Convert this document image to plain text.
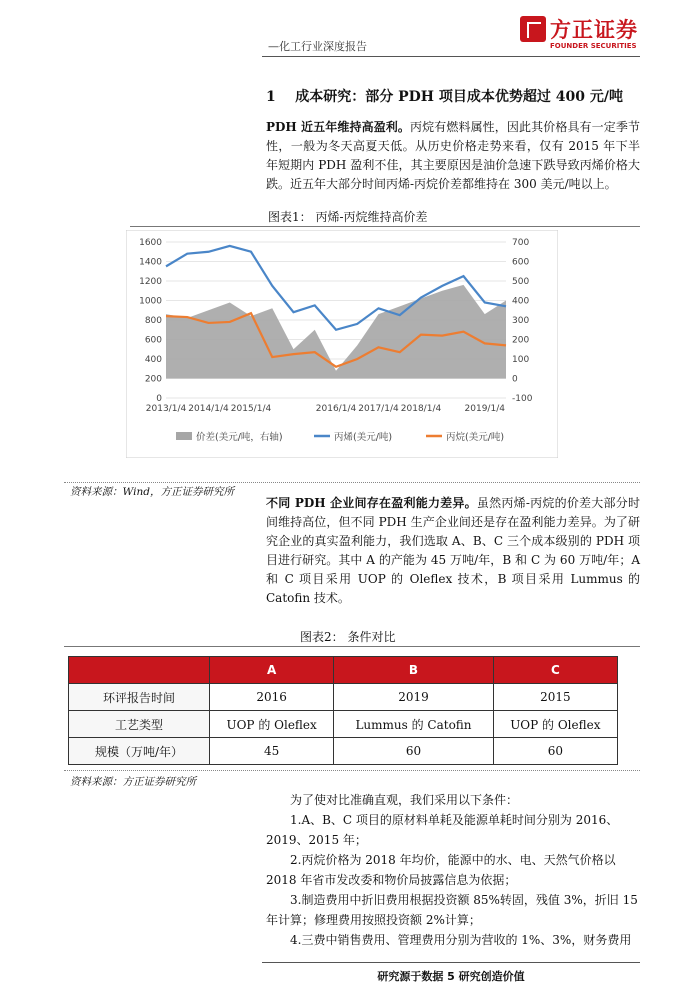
—化工行业深度报告
方正证券
FOUNDER SECURITIES
1 成本研究：部分 PDH 项目成本优势超过 400 元/吨
PDH 近五年维持高盈利。丙烷有燃料属性，因此其价格具有一定季节性，一般为冬天高夏天低。从历史价格走势来看，仅有 2015 年下半年短期内 PDH 盈利不佳，其主要原因是油价急速下跌导致丙烯价格大跌。近五年大部分时间丙烯-丙烷价差都维持在 300 美元/吨以上。
图表1： 丙烯-丙烷维持高价差
0
200
400
600
800
1000
1200
1400
1600
-100
0
100
200
300
400
500
600
700
2013/1/4 2014/1/4 2015/1/4	2016/1/4 2017/1/4 2018/1/4	2019/1/4
价差(美元/吨，右轴)	丙烯(美元/吨)	丙烷(美元/吨)
资料来源：Wind，方正证券研究所
不同 PDH 企业间存在盈利能力差异。虽然丙烯-丙烷的价差大部分时间维持高位，但不同 PDH 生产企业间还是存在盈利能力差异。为了研究企业的真实盈利能力，我们选取 A、B、C 三个成本级别的 PDH 项目进行研究。其中 A 的产能为 45 万吨/年，B 和 C 为 60 万吨/年；A 和 C 项目采用 UOP 的 Oleflex 技术，B 项目采用 Lummus 的 Catofin 技术。
图表2： 条件对比
	A	B	C
环评报告时间	2016	2019	2015
工艺类型	UOP 的 Oleflex	Lummus 的 Catofin	UOP 的 Oleflex
规模（万吨/年）	45	60	60
资料来源：方正证券研究所
为了使对比准确直观，我们采用以下条件：
1.A、B、C 项目的原材料单耗及能源单耗时间分别为 2016、2019、2015 年；
2.丙烷价格为 2018 年均价，能源中的水、电、天然气价格以 2018 年省市发改委和物价局披露信息为依据；
3.制造费用中折旧费用根据投资额 85%转固，残值 3%，折旧 15 年计算；修理费用按照投资额 2%计算；
4.三费中销售费用、管理费用分别为营收的 1%、3%，财务费用
研究源于数据 5 研究创造价值
